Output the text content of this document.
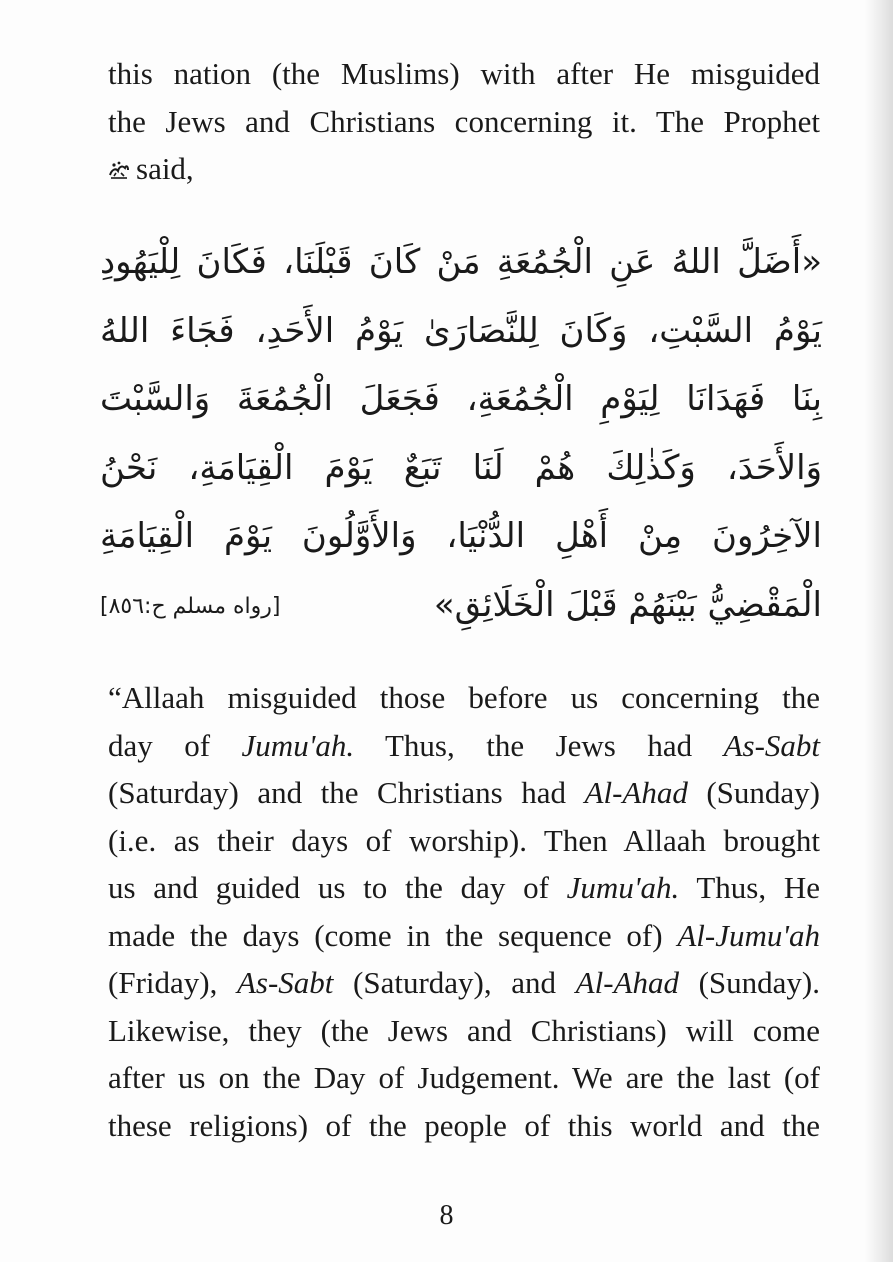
this nation (the Muslims) with after He misguided
the Jews and Christians concerning it. The Prophet
said,
«أَضَلَّ اللهُ عَنِ الْجُمُعَةِ مَنْ كَانَ قَبْلَنَا، فَكَانَ لِلْيَهُودِ
يَوْمُ السَّبْتِ، وَكَانَ لِلنَّصَارَىٰ يَوْمُ الأَحَدِ، فَجَاءَ اللهُ
بِنَا فَهَدَانَا لِيَوْمِ الْجُمُعَةِ، فَجَعَلَ الْجُمُعَةَ وَالسَّبْتَ
وَالأَحَدَ، وَكَذٰلِكَ هُمْ لَنَا تَبَعٌ يَوْمَ الْقِيَامَةِ، نَحْنُ
الآخِرُونَ مِنْ أَهْلِ الدُّنْيَا، وَالأَوَّلُونَ يَوْمَ الْقِيَامَةِ
الْمَقْضِيُّ بَيْنَهُمْ قَبْلَ الْخَلَائِقِ»
[رواه مسلم ح:٨٥٦]
“Allaah misguided those before us concerning the
day of Jumu'ah. Thus, the Jews had As-Sabt
(Saturday) and the Christians had Al-Ahad (Sunday)
(i.e. as their days of worship). Then Allaah brought
us and guided us to the day of Jumu'ah. Thus, He
made the days (come in the sequence of) Al-Jumu'ah
(Friday), As-Sabt (Saturday), and Al-Ahad (Sunday).
Likewise, they (the Jews and Christians) will come
after us on the Day of Judgement. We are the last (of
these religions) of the people of this world and the
8
